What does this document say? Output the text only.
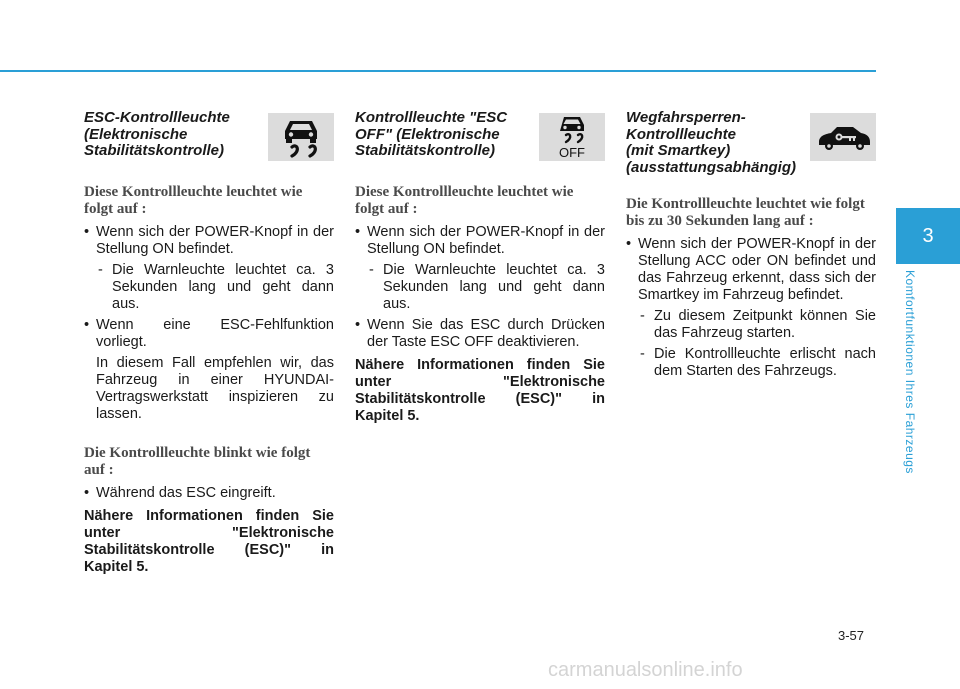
ESC-Kontrollleuchte
(Elektronische
Stabilitätskontrolle)
Diese Kontrollleuchte leuchtet wie folgt auf :
• Wenn sich der POWER-Knopf in der Stellung ON befindet.
- Die Warnleuchte leuchtet ca. 3 Sekunden lang und geht dann aus.
• Wenn eine ESC-Fehlfunktion vorliegt.
In diesem Fall empfehlen wir, das Fahrzeug in einer HYUNDAI-Vertragswerkstatt inspizieren zu lassen.
Die Kontrollleuchte blinkt wie folgt auf :
• Während das ESC eingreift.
Nähere Informationen finden Sie unter "Elektronische Stabilitätskontrolle (ESC)" in Kapitel 5.
Kontrollleuchte "ESC
OFF" (Elektronische
Stabilitätskontrolle)	OFF
Diese Kontrollleuchte leuchtet wie folgt auf :
• Wenn sich der POWER-Knopf in der Stellung ON befindet.
- Die Warnleuchte leuchtet ca. 3 Sekunden lang und geht dann aus.
• Wenn Sie das ESC durch Drücken der Taste ESC OFF deaktivieren.
Nähere Informationen finden Sie unter "Elektronische Stabilitätskontrolle (ESC)" in Kapitel 5.
Wegfahrsperren-
Kontrollleuchte
(mit Smartkey)
(ausstattungsabhängig)
Die Kontrollleuchte leuchtet wie folgt bis zu 30 Sekunden lang auf :
• Wenn sich der POWER-Knopf in der Stellung ACC oder ON befindet und das Fahrzeug erkennt, dass sich der Smartkey im Fahrzeug befindet.
- Zu diesem Zeitpunkt können Sie das Fahrzeug starten.
- Die Kontrollleuchte erlischt nach dem Starten des Fahrzeugs.
3
Komfortfunktionen Ihres Fahrzeugs
3-57
carmanualsonline.info
